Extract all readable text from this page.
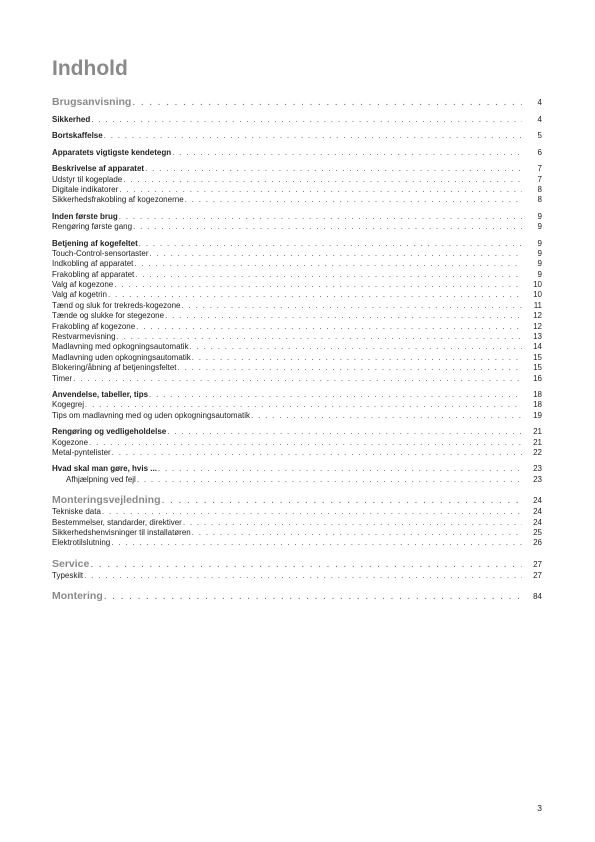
Indhold
Brugsanvisning . . .	4
Sikkerhed . . .	4
Bortskaffelse . . .	5
Apparatets vigtigste kendetegn . . .	6
Beskrivelse af apparatet . . .	7
Udstyr til kogeplade . . .	7
Digitale indikatorer . . .	8
Sikkerhedsfrakobling af kogezonerne . . .	8
Inden første brug . . .	9
Rengøring første gang . . .	9
Betjening af kogefeltet . . .	9
Touch-Control-sensortaster . . .	9
Indkobling af apparatet . . .	9
Frakobling af apparatet . . .	9
Valg af kogezone . . .	10
Valg af kogetrin . . .	10
Tænd og sluk for trekreds-kogezone . . .	11
Tænde og slukke for stegezone . . .	12
Frakobling af kogezone . . .	12
Restvarmevisning . . .	13
Madlavning med opkogningsautomatik . . .	14
Madlavning uden opkogningsautomatik . . .	15
Blokering/åbning af betjeningsfeltet . . .	15
Timer . . .	16
Anvendelse, tabeller, tips . . .	18
Kogegrej . . .	18
Tips om madlavning med og uden opkogningsautomatik . . .	19
Rengøring og vedligeholdelse . . .	21
Kogezone . . .	21
Metal-pyntelister . . .	22
Hvad skal man gøre, hvis ... . . .	23
Afhjælpning ved fejl . . .	23
Monteringsvejledning . . .	24
Tekniske data . . .	24
Bestemmelser, standarder, direktiver . . .	24
Sikkerhedshenvisninger til installatøren . . .	25
Elektrotilslutning . . .	26
Service . . .	27
Typeskilt . . .	27
Montering . . .	84
3
